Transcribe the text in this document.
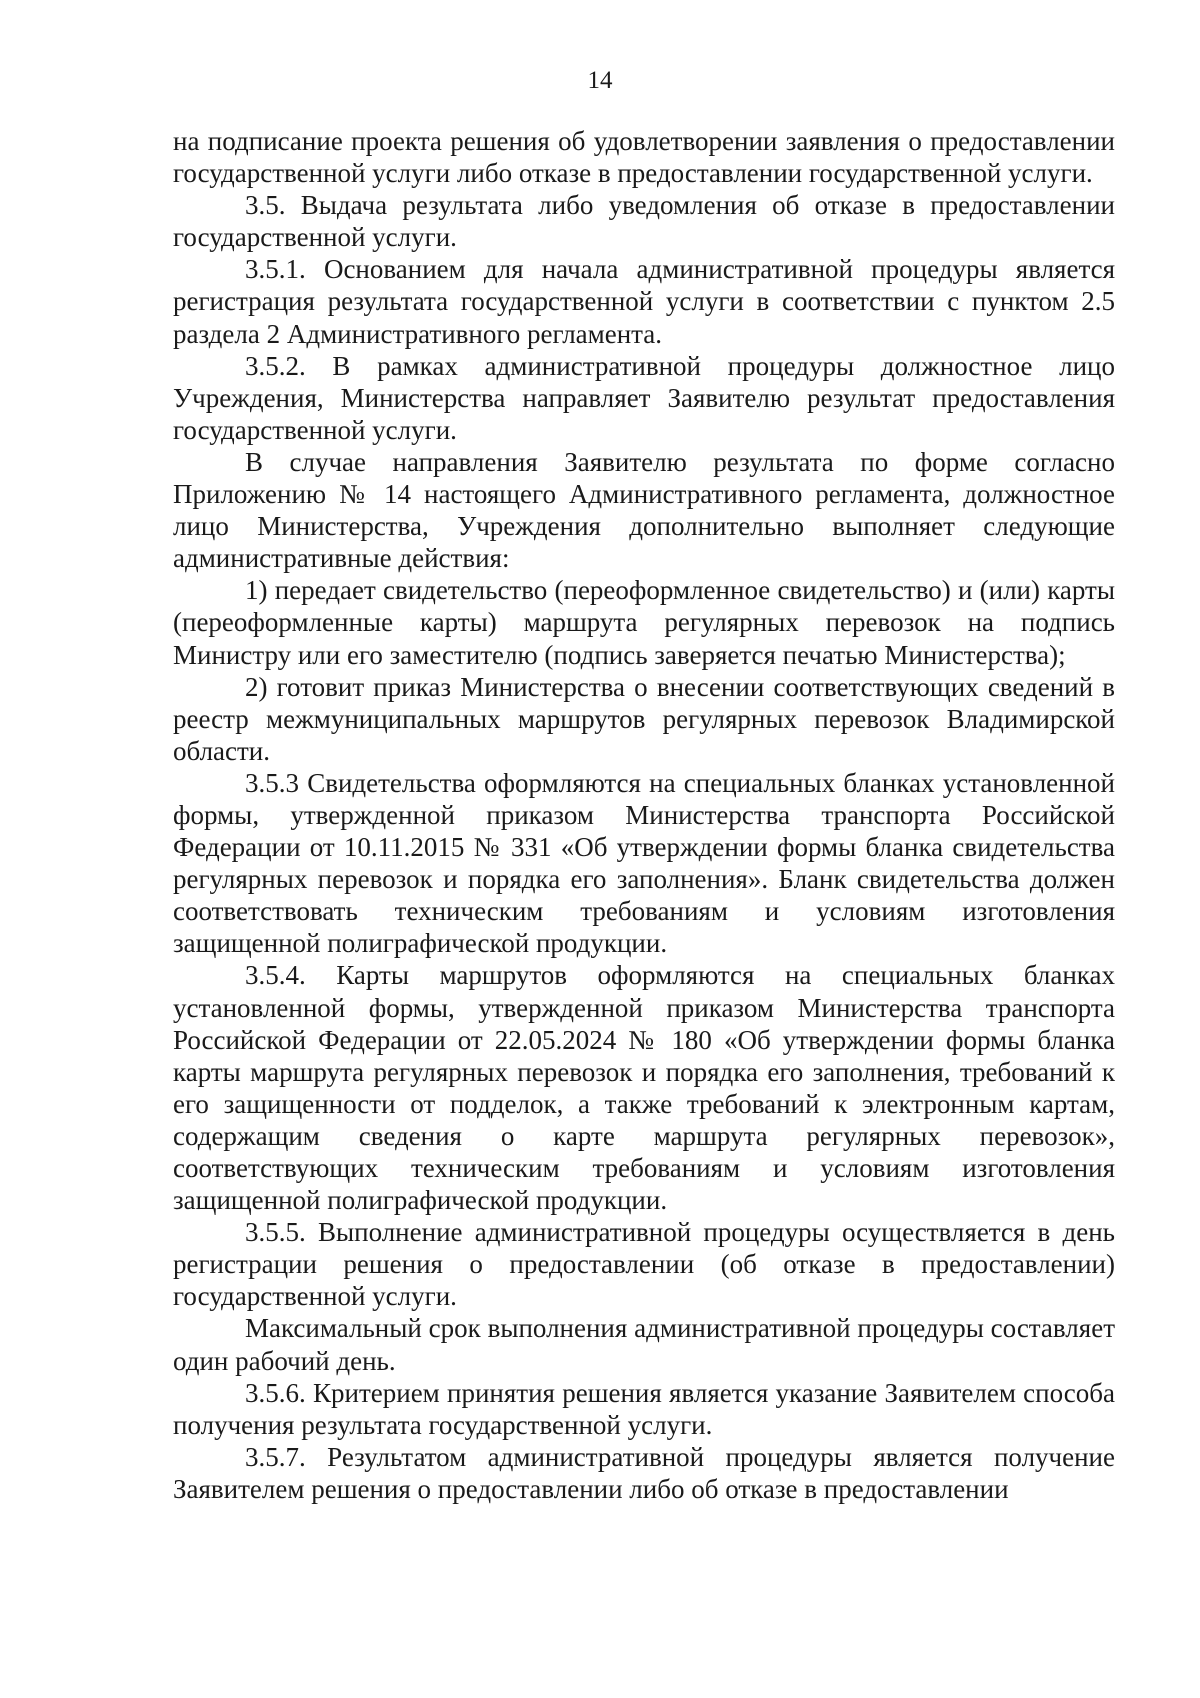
14

на подписание проекта решения об удовлетворении заявления о предоставлении государственной услуги либо отказе в предоставлении государственной услуги.

3.5. Выдача результата либо уведомления об отказе в предоставлении государственной услуги.

3.5.1. Основанием для начала административной процедуры является регистрация результата государственной услуги в соответствии с пунктом 2.5 раздела 2 Административного регламента.

3.5.2. В рамках административной процедуры должностное лицо Учреждения, Министерства направляет Заявителю результат предоставления государственной услуги.

В случае направления Заявителю результата по форме согласно Приложению № 14 настоящего Административного регламента, должностное лицо Министерства, Учреждения дополнительно выполняет следующие административные действия:

1) передает свидетельство (переоформленное свидетельство) и (или) карты (переоформленные карты) маршрута регулярных перевозок на подпись Министру или его заместителю (подпись заверяется печатью Министерства);

2) готовит приказ Министерства о внесении соответствующих сведений в реестр межмуниципальных маршрутов регулярных перевозок Владимирской области.

3.5.3 Свидетельства оформляются на специальных бланках установленной формы, утвержденной приказом Министерства транспорта Российской Федерации от 10.11.2015 № 331 «Об утверждении формы бланка свидетельства регулярных перевозок и порядка его заполнения». Бланк свидетельства должен соответствовать техническим требованиям и условиям изготовления защищенной полиграфической продукции.

3.5.4. Карты маршрутов оформляются на специальных бланках установленной формы, утвержденной приказом Министерства транспорта Российской Федерации от 22.05.2024 № 180 «Об утверждении формы бланка карты маршрута регулярных перевозок и порядка его заполнения, требований к его защищенности от подделок, а также требований к электронным картам, содержащим сведения о карте маршрута регулярных перевозок», соответствующих техническим требованиям и условиям изготовления защищенной полиграфической продукции.

3.5.5. Выполнение административной процедуры осуществляется в день регистрации решения о предоставлении (об отказе в предоставлении) государственной услуги.

Максимальный срок выполнения административной процедуры составляет один рабочий день.

3.5.6. Критерием принятия решения является указание Заявителем способа получения результата государственной услуги.

3.5.7. Результатом административной процедуры является получение Заявителем решения о предоставлении либо об отказе в предоставлении
